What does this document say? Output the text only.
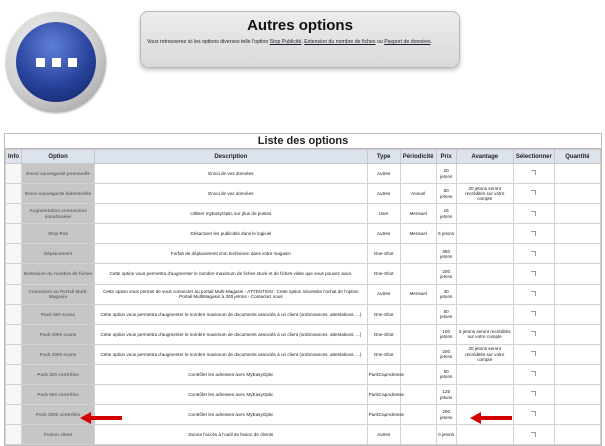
Autres options

Vous retrouverez ici les options diverses telle l'option Stop Publicité, Extension du nombre de fiches ou Paxport de données.

Liste des options
Info	Option	Description	Type	Périodicité	Prix	Avantage	Sélectionner	Quantité
	Envoi sauvegarde ponctuelle	Envoi de vos données	Autres		20 jetons			
	Envoi sauvegarde bimestrielle	Envoi de vos données	Autres	Annuel	80 jetons	20 jetons seront recrédités sur votre compte		
	Augmentation connexions simultanées	Utiliser myEasyOptic sur plus de postes	User	Mensuel	15 jetons			
	Stop Pub	Désactiver les publicités dans le logiciel	Autres	Mensuel	5 jetons			
	Déplacement	Forfait de déplacement d'un technicien dans votre magasin	One-Shot		350 jetons			
	Extension du nombre de fiches	Cette option vous permettra d'augmenter le nombre maximum de fiches stock et de fiches visite que vous pouvez avoir.	One-Shot		200 jetons			
	Connexion au Portail Multi-Magasin	Cette option vous permet de vous connecter au portail Multi-Magasin - ATTENTION : Cette option nécessite l'achat de l'option Portail MultiMagasin à 300 jetons - Contactez nous	Autres	Mensuel	30 jetons			
	Pack 500 scans	Cette option vous permettra d'augmenter le nombre maximum de documents associés à un client (ordonnances, attestations, ...)	One-Shot		50 jetons			
	Pack 1000 scans	Cette option vous permettra d'augmenter le nombre maximum de documents associés à un client (ordonnances, attestations, ...)	One-Shot		100 jetons	5 jetons seront recrédités sur votre compte		
	Pack 2000 scans	Cette option vous permettra d'augmenter le nombre maximum de documents associés à un client (ordonnances, attestations, ...)	One-Shot		200 jetons	20 jetons seront recrédités sur votre compte		
	Pack 200 contrôles	Contrôler les adresses avec MyEasyOptic	PackCapAdresse		60 jetons			
	Pack 500 contrôles	Contrôler les adresses avec MyEasyOptic	PackCapAdresse		125 jetons			
	Pack 1000 contrôles	Contrôler les adresses avec MyEasyOptic	PackCapAdresse		200 jetons			
	Fusion client	Donne l'accès à l'outil de fusion de clients	Autres		0 jetons			
